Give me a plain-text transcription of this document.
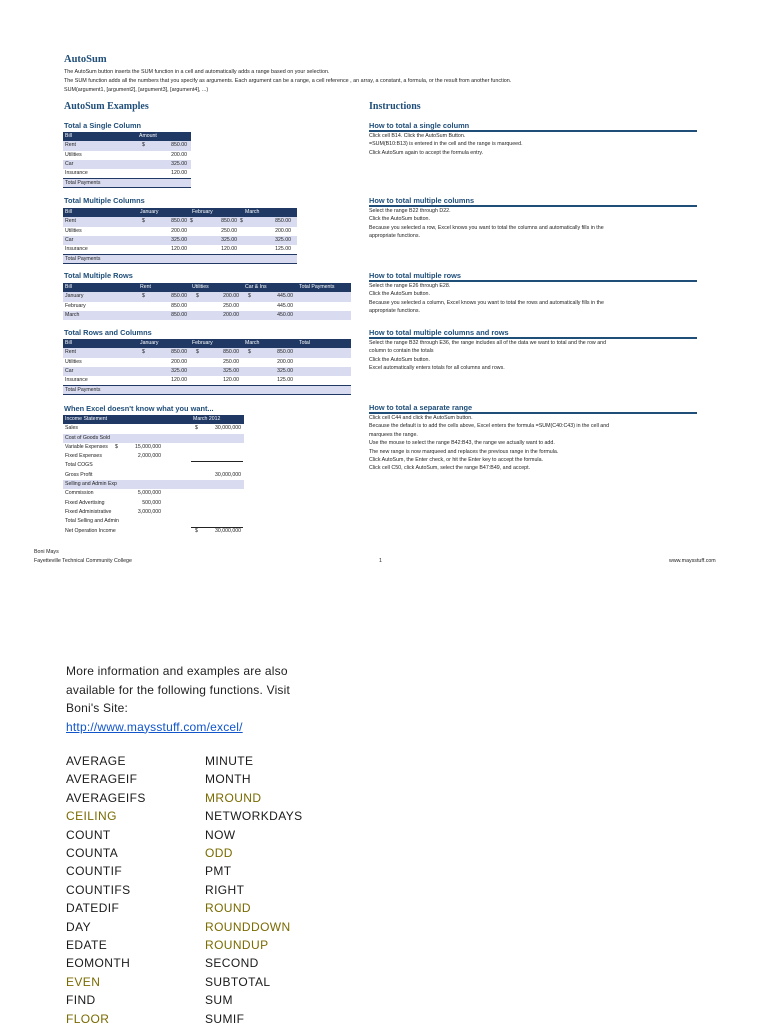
AutoSum
The AutoSum button inserts the SUM function in a cell and automatically adds a range based on your selection.
The SUM function adds all the numbers that you specify as arguments. Each argument can be a range, a cell reference , an array, a constant, a formula, or the result from another function.
SUM(argument1, [argument2], [argument3], [argument4], ...)
AutoSum Examples	Instructions
Total a Single Column
Bill	Amount
Rent	$	850.00
Utilities	200.00
Car	325.00
Insurance	120.00
Total Payments
Total Multiple Columns
Bill	January	February	March
Rent	$	850.00 $	850.00 $	850.00
Utilities	200.00	250.00	200.00
Car	325.00	325.00	325.00
Insurance	120.00	120.00	125.00
Total Payments
Total Multiple Rows
Bill	Rent	Utilities	Car & Ins	Total Payments
January	$	850.00 $	200.00 $	445.00
February	850.00	250.00	445.00
March	850.00	200.00	450.00
Total Rows and Columns
Bill	January	February	March	Total
Rent	$	850.00 $	850.00 $	850.00
Utilities	200.00	250.00	200.00
Car	325.00	325.00	325.00
Insurance	120.00	120.00	125.00
Total Payments
When Excel doesn't know what you want...
Income Statement	March 2012
Sales	$	30,000,000
Cost of Goods Sold
Variable Expenses $	15,000,000
Fixed Expenses	2,000,000
Total COGS
Gross Profit	30,000,000
Selling and Admin Exp
Commission	5,000,000
Fixed Advertising	500,000
Fixed Administrative	3,000,000
Total Selling and Admin
Net Operation Income	$	30,000,000
How to total a single column
Click cell B14. Click the AutoSum Button.
=SUM(B10:B13) is entered in the cell and the range is marqueed.
Click AutoSum again to accept the formula entry.
How to total multiple columns
Select the range B22 through D22.
Click the AutoSum button.
Because you selected a row, Excel knows you want to total the columns and automatically fills in the
appropriate functions.
How to total multiple rows
Select the range E26 through E28.
Click the AutoSum button.
Because you selected a column, Excel knows you want to total the rows and automatically fills in the
appropriate functions.
How to total multiple columns and rows
Select the range B32 through E36, the range includes all of the data we want to total and the row and
column to contain the totals
Click the AutoSum button.
Excel automatically enters totals for all columns and rows.
How to total a separate range
Click cell C44 and click the AutoSum button.
Because the default is to add the cells above, Excel enters the formula =SUM(C40:C43) in the cell and
marquees the range.
Use the mouse to select the range B42:B43, the range we actually want to add.
The new range is now marqueed and replaces the previous range in the formula.
Click AutoSum, the Enter check, or hit the Enter key to accept the formula.
Click cell C50, click AutoSum, select the range B47:B49, and accept.
Boni Mays
Fayetteville Technical Community College	1	www.maysstuff.com
More information and examples are also
available for the following functions. Visit
Boni's Site:
http://www.maysstuff.com/excel/
AVERAGE
AVERAGEIF
AVERAGEIFS
CEILING
COUNT
COUNTA
COUNTIF
COUNTIFS
DATEDIF
DAY
EDATE
EOMONTH
EVEN
FIND
FLOOR
MINUTE
MONTH
MROUND
NETWORKDAYS
NOW
ODD
PMT
RIGHT
ROUND
ROUNDDOWN
ROUNDUP
SECOND
SUBTOTAL
SUM
SUMIF
